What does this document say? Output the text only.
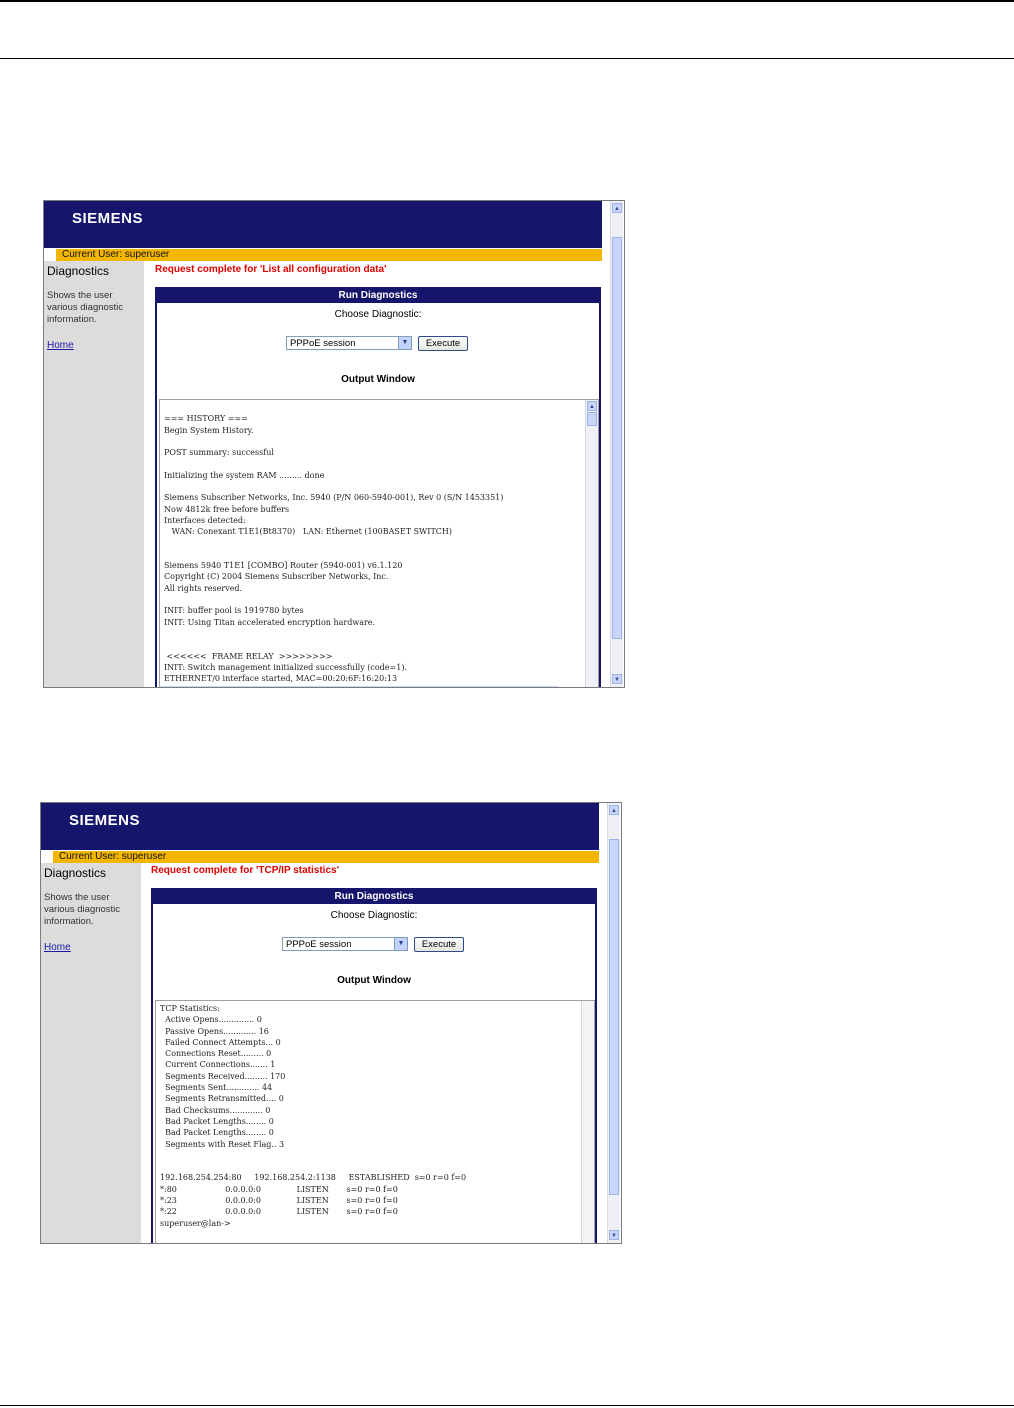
SIEMENS
Current User: superuser
Diagnostics
Shows the user various diagnostic information.
Home
Request complete for 'List all configuration data'
Run Diagnostics
Choose Diagnostic:
PPPoE session	▼	Execute
Output Window

=== HISTORY ===
Begin System History.

POST summary: successful

Initializing the system RAM ......... done

Siemens Subscriber Networks, Inc. 5940 (P/N 060-5940-001), Rev 0 (S/N 1453351)
Now 4812k free before buffers
Interfaces detected:
WAN: Conexant T1E1(Bt8370)   LAN: Ethernet (100BASET SWITCH)

Siemens 5940 T1E1 [COMBO] Router (5940-001) v6.1.120
Copyright (C) 2004 Siemens Subscriber Networks, Inc.
All rights reserved.

INIT: buffer pool is 1919780 bytes
INIT: Using Titan accelerated encryption hardware.

<<<<<<  FRAME RELAY  >>>>>>>>
INIT: Switch management initialized successfully (code=1).
ETHERNET/0 interface started, MAC=00:20:6F:16:20:13
▲
▲
▼
SIEMENS
Current User: superuser
Diagnostics
Shows the user various diagnostic information.
Home
Request complete for 'TCP/IP statistics'
Run Diagnostics
Choose Diagnostic:
PPPoE session	▼	Execute
Output Window
TCP Statistics:
Active Opens.............. 0
Passive Opens............. 16
Failed Connect Attempts... 0
Connections Reset......... 0
Current Connections....... 1
Segments Received......... 170
Segments Sent............. 44
Segments Retransmitted.... 0
Bad Checksums............. 0
Bad Packet Lengths........ 0
Bad Packet Lengths........ 0
Segments with Reset Flag.. 3

192.168.254.254:80     192.168.254.2:1138     ESTABLISHED  s=0 r=0 f=0
*:80                   0.0.0.0:0              LISTEN       s=0 r=0 f=0
*:23                   0.0.0.0:0              LISTEN       s=0 r=0 f=0
*:22                   0.0.0.0:0              LISTEN       s=0 r=0 f=0
superuser@lan->
▲
▼
